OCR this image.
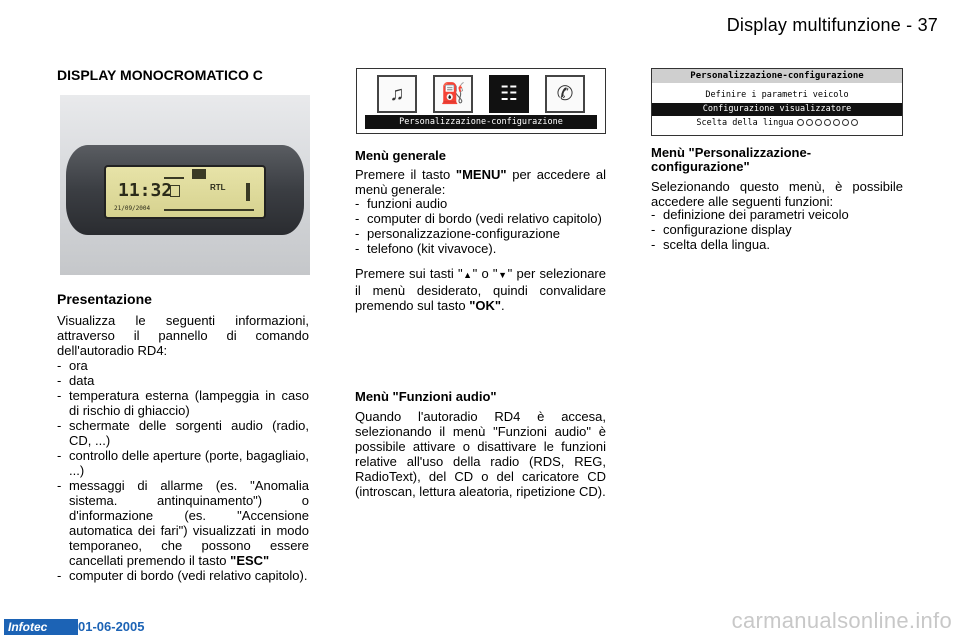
Display multifunzione - 37
DISPLAY MONOCROMATICO C
11:32	RTL
21/09/2004
Presentazione
Visualizza le seguenti informazioni, attraverso il pannello di comando dell'autoradio RD4:
- ora
- data
- temperatura esterna (lampeggia in caso di rischio di ghiaccio)
- schermate delle sorgenti audio (radio, CD, ...)
- controllo delle aperture (porte, bagagliaio, ...)
- messaggi di allarme (es. "Anomalia sistema. antinquinamento") o d'informazione (es. "Accensione automatica dei fari") visualizzati in modo temporaneo, che possono essere cancellati premendo il tasto "ESC"
- computer di bordo (vedi relativo capitolo).
♫	⛽	☷	✆
Personalizzazione-configurazione
Menù generale
Premere il tasto "MENU" per accedere al menù generale:
- funzioni audio
- computer di bordo (vedi relativo capitolo)
- personalizzazione-configurazione
- telefono (kit vivavoce).
Premere sui tasti "▲" o "▼" per selezionare il menù desiderato, quindi convalidare premendo sul tasto "OK".
Menù "Funzioni audio"
Quando l'autoradio RD4 è accesa, selezionando il menù "Funzioni audio" è possibile attivare o disattivare le funzioni relative all'uso della radio (RDS, REG, RadioText), del CD o del caricatore CD (introscan, lettura aleatoria, ripetizione CD).
Personalizzazione-configurazione
Definire i parametri veicolo
Configurazione visualizzatore
Scelta della lingua
Menù "Personalizzazione-configurazione"
Selezionando questo menù, è possibile accedere alle seguenti funzioni:
- definizione dei parametri veicolo
- configurazione display
- scelta della lingua.
Infotec	01-06-2005	carmanualsonline.info
